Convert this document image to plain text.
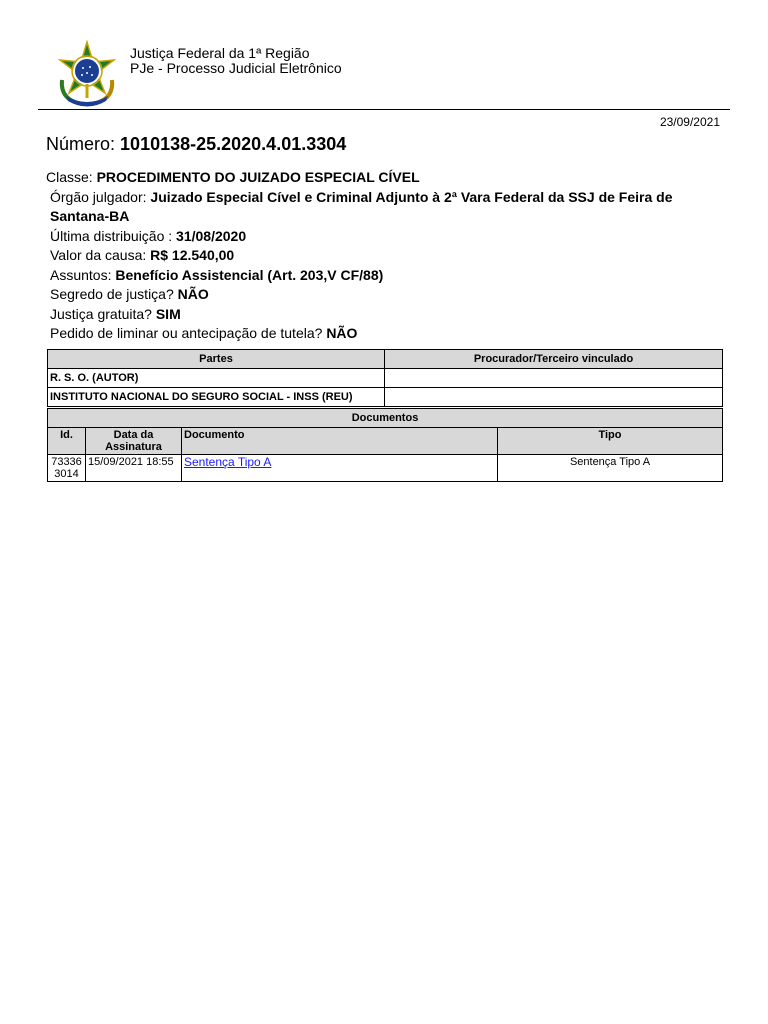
Justiça Federal da 1ª Região
PJe - Processo Judicial Eletrônico
23/09/2021
Número: 1010138-25.2020.4.01.3304
Classe: PROCEDIMENTO DO JUIZADO ESPECIAL CÍVEL
Órgão julgador: Juizado Especial Cível e Criminal Adjunto à 2ª Vara Federal da SSJ de Feira de Santana-BA
Última distribuição : 31/08/2020
Valor da causa: R$ 12.540,00
Assuntos: Benefício Assistencial (Art. 203,V CF/88)
Segredo de justiça? NÃO
Justiça gratuita? SIM
Pedido de liminar ou antecipação de tutela? NÃO
Partes	Procurador/Terceiro vinculado
R. S. O. (AUTOR)	
INSTITUTO NACIONAL DO SEGURO SOCIAL - INSS (REU)	
Documentos			
Id.	Data da Assinatura	Documento	Tipo
73336 3014	15/09/2021 18:55	Sentença Tipo A	Sentença Tipo A
